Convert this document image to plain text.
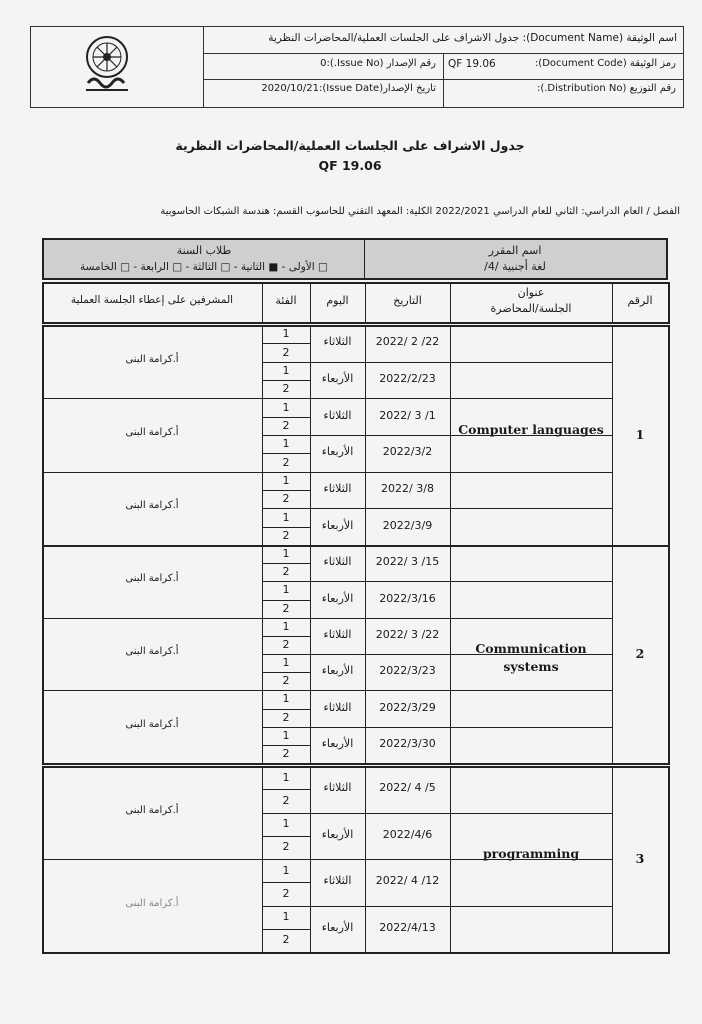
اسم الوثيقة (Document Name): جدول الاشراف على الجلسات العملية/المحاضرات النظرية
رمز الوثيقة (Document Code):
QF 19.06
رقم الإصدار (Issue No.):0
رقم التوزيع (Distribution No.):
تاريخ الإصدار(Issue Date):2020/10/21
جدول الاشراف على الجلسات العملية/المحاضرات النظرية
QF 19.06
الفصل / العام الدراسي: الثاني للعام الدراسي 2022/2021 الكلية: المعهد التقني للحاسوب القسم: هندسة الشبكات الحاسوبية
اسم المقرر
لغة أجنبية /4/
طلاب السنة
□ الأولى - ■ الثانية - □ الثالثة - □ الرابعة - □ الخامسة
الرقم
عنوان
الجلسة/المحاضرة
التاريخ
اليوم
الفئة
المشرفين على إعطاء الجلسة العملية
2022/ 2 /22
الثلاثاء
1
2
2022/2/23
الأربعاء
1
2
2022/ 3 /1
الثلاثاء
1
2
2022/3/2
الأربعاء
1
2
2022/ 3/8
الثلاثاء
1
2
2022/3/9
الأربعاء
1
2
أ.كرامة البنى
أ.كرامة البنى
أ.كرامة البنى
Computer languages	1
2022/ 3 /15
الثلاثاء
1
2
2022/3/16
الأربعاء
1
2
2022/ 3 /22
الثلاثاء
1
2
2022/3/23
الأربعاء
1
2
2022/3/29
الثلاثاء
1
2
2022/3/30
الأربعاء
1
2
أ.كرامة البنى
أ.كرامة البنى
أ.كرامة البنى
Communication systems
2
2022/ 4 /5
الثلاثاء
1
2
2022/4/6
الأربعاء
1
2
2022/ 4 /12
الثلاثاء
1
2
2022/4/13
الأربعاء
1
2
أ.كرامة البنى
أ.كرامة البنى
programming	3
